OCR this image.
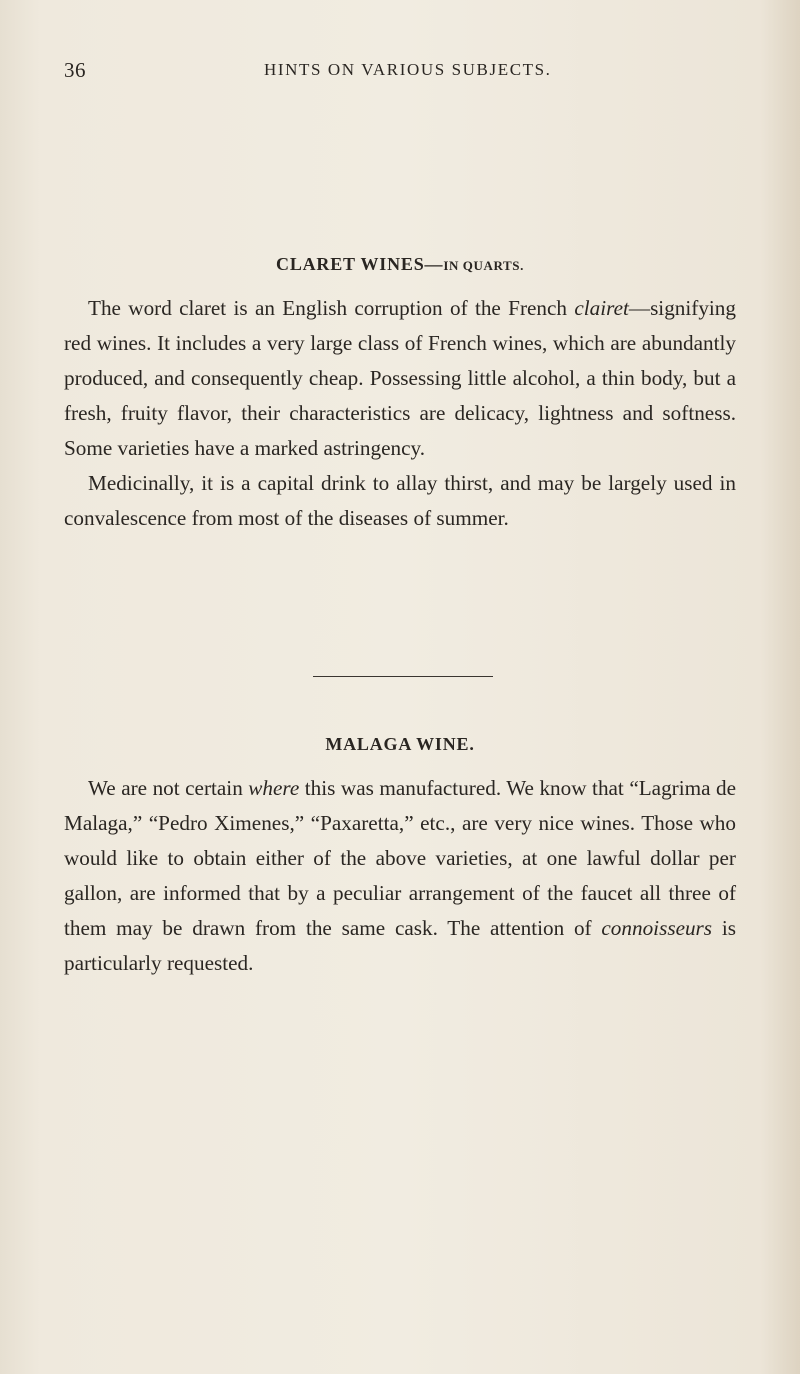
36	HINTS ON VARIOUS SUBJECTS.
CLARET WINES—IN QUARTS.

The word claret is an English corruption of the French clairet—signifying red wines. It includes a very large class of French wines, which are abundantly produced, and consequently cheap. Possessing little alcohol, a thin body, but a fresh, fruity flavor, their characteristics are delicacy, lightness and softness. Some varieties have a marked astringency.

Medicinally, it is a capital drink to allay thirst, and may be largely used in convalescence from most of the diseases of summer.

MALAGA WINE.

We are not certain where this was manufactured. We know that “Lagrima de Malaga,” “Pedro Ximenes,” “Paxaretta,” etc., are very nice wines. Those who would like to obtain either of the above varieties, at one lawful dollar per gallon, are informed that by a peculiar arrangement of the faucet all three of them may be drawn from the same cask. The attention of connoisseurs is particularly requested.
